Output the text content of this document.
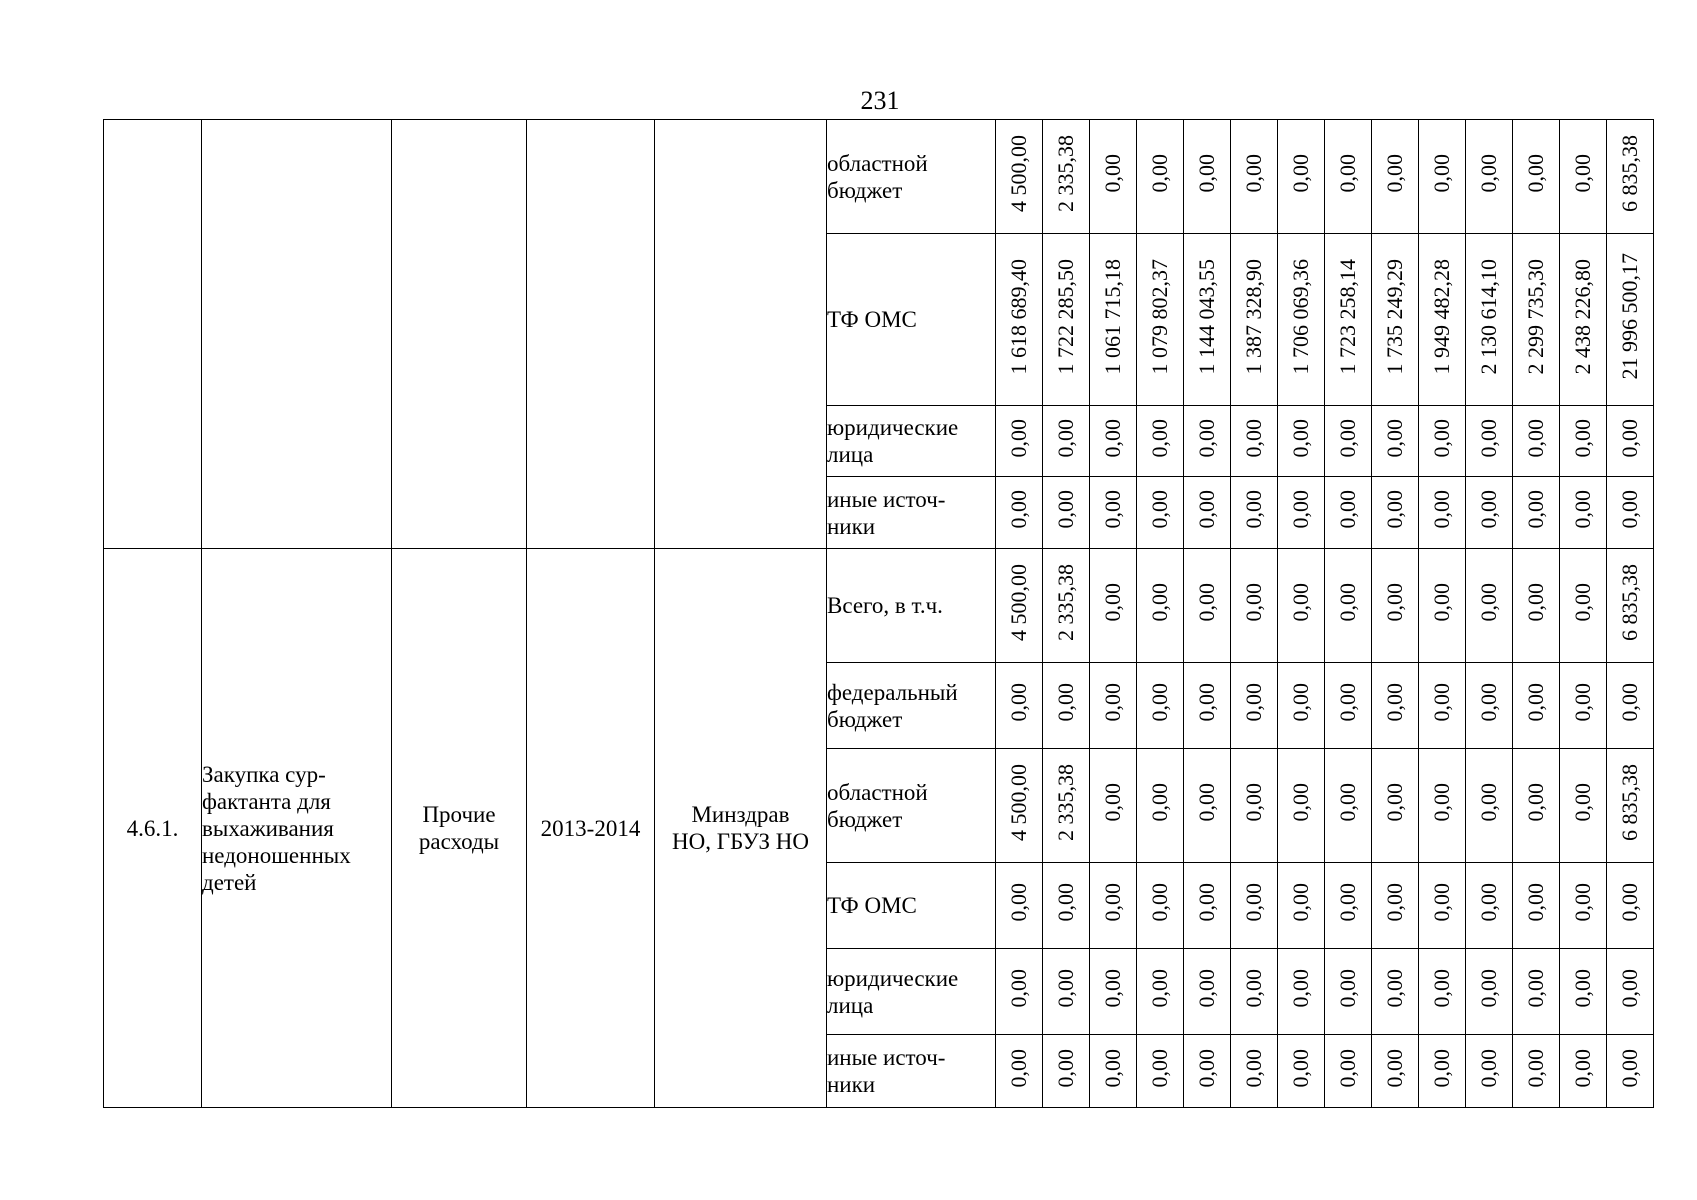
231

					областной
бюджет	4 500,00	2 335,38	0,00	0,00	0,00	0,00	0,00	0,00	0,00	0,00	0,00	0,00	0,00	6 835,38

					ТФ ОМС	1 618 689,40	1 722 285,50	1 061 715,18	1 079 802,37	1 144 043,55	1 387 328,90	1 706 069,36	1 723 258,14	1 735 249,29	1 949 482,28	2 130 614,10	2 299 735,30	2 438 226,80	21 996 500,17

					юридические
лица	0,00	0,00	0,00	0,00	0,00	0,00	0,00	0,00	0,00	0,00	0,00	0,00	0,00	0,00

					иные источ-
ники	0,00	0,00	0,00	0,00	0,00	0,00	0,00	0,00	0,00	0,00	0,00	0,00	0,00	0,00
4.6.1.	Закупка сур-
фактанта для
выхаживания
недоношенных
детей	Прочие
расходы	2013-2014	Минздрав
НО, ГБУЗ НО	Всего, в т.ч.	4 500,00	2 335,38	0,00	0,00	0,00	0,00	0,00	0,00	0,00	0,00	0,00	0,00	0,00	6 835,38

					федеральный
бюджет	0,00	0,00	0,00	0,00	0,00	0,00	0,00	0,00	0,00	0,00	0,00	0,00	0,00	0,00

					областной
бюджет	4 500,00	2 335,38	0,00	0,00	0,00	0,00	0,00	0,00	0,00	0,00	0,00	0,00	0,00	6 835,38

					ТФ ОМС	0,00	0,00	0,00	0,00	0,00	0,00	0,00	0,00	0,00	0,00	0,00	0,00	0,00	0,00

					юридические
лица	0,00	0,00	0,00	0,00	0,00	0,00	0,00	0,00	0,00	0,00	0,00	0,00	0,00	0,00

					иные источ-
ники	0,00	0,00	0,00	0,00	0,00	0,00	0,00	0,00	0,00	0,00	0,00	0,00	0,00	0,00
